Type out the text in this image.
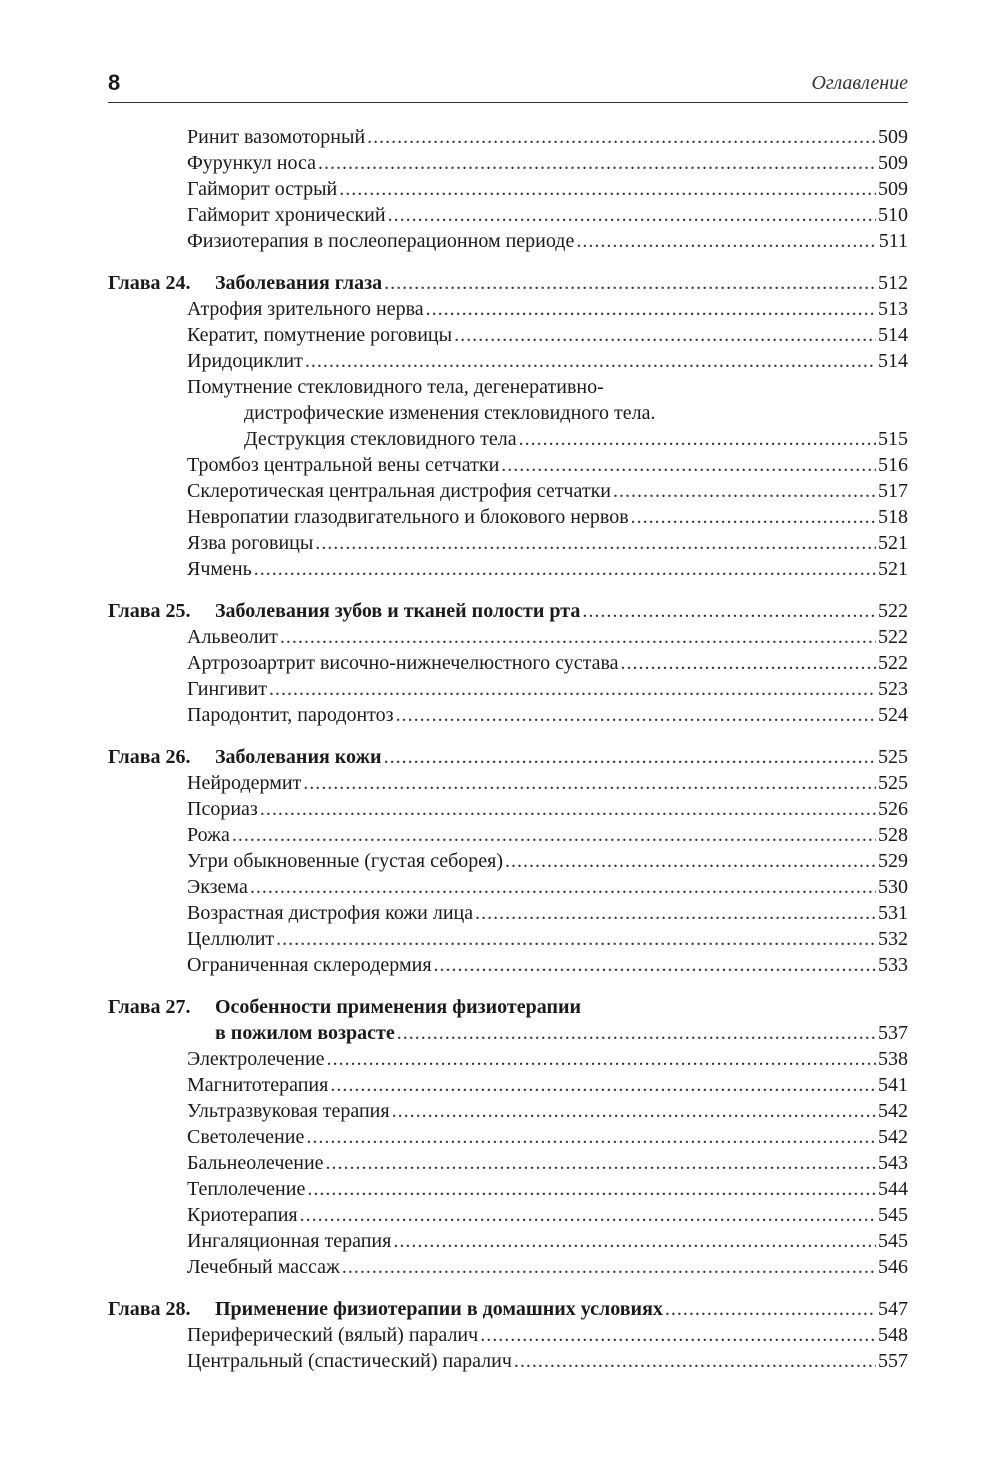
8	Оглавление
Ринит вазомоторный .....	509
Фурункул носа .....	509
Гайморит острый .....	509
Гайморит хронический .....	510
Физиотерапия в послеоперационном периоде .....	511
Глава 24.	Заболевания глаза .....	512
Атрофия зрительного нерва .....	513
Кератит, помутнение роговицы .....	514
Иридоциклит .....	514
Помутнение стекловидного тела, дегенеративно-
дистрофические изменения стекловидного тела.
Деструкция стекловидного тела .....	515
Тромбоз центральной вены сетчатки .....	516
Склеротическая центральная дистрофия сетчатки .....	517
Невропатии глазодвигательного и блокового нервов .....	518
Язва роговицы .....	521
Ячмень .....	521
Глава 25.	Заболевания зубов и тканей полости рта .....	522
Альвеолит .....	522
Артрозоартрит височно-нижнечелюстного сустава .....	522
Гингивит .....	523
Пародонтит, пародонтоз .....	524
Глава 26.	Заболевания кожи .....	525
Нейродермит .....	525
Псориаз .....	526
Рожа .....	528
Угри обыкновенные (густая себорея) .....	529
Экзема .....	530
Возрастная дистрофия кожи лица .....	531
Целлюлит .....	532
Ограниченная склеродермия .....	533
Глава 27.	Особенности применения физиотерапии
в пожилом возрасте .....	537
Электролечение .....	538
Магнитотерапия .....	541
Ультразвуковая терапия .....	542
Светолечение .....	542
Бальнеолечение .....	543
Теплолечение .....	544
Криотерапия .....	545
Ингаляционная терапия .....	545
Лечебный массаж .....	546
Глава 28.	Применение физиотерапии в домашних условиях .....	547
Периферический (вялый) паралич .....	548
Центральный (спастический) паралич .....	557
